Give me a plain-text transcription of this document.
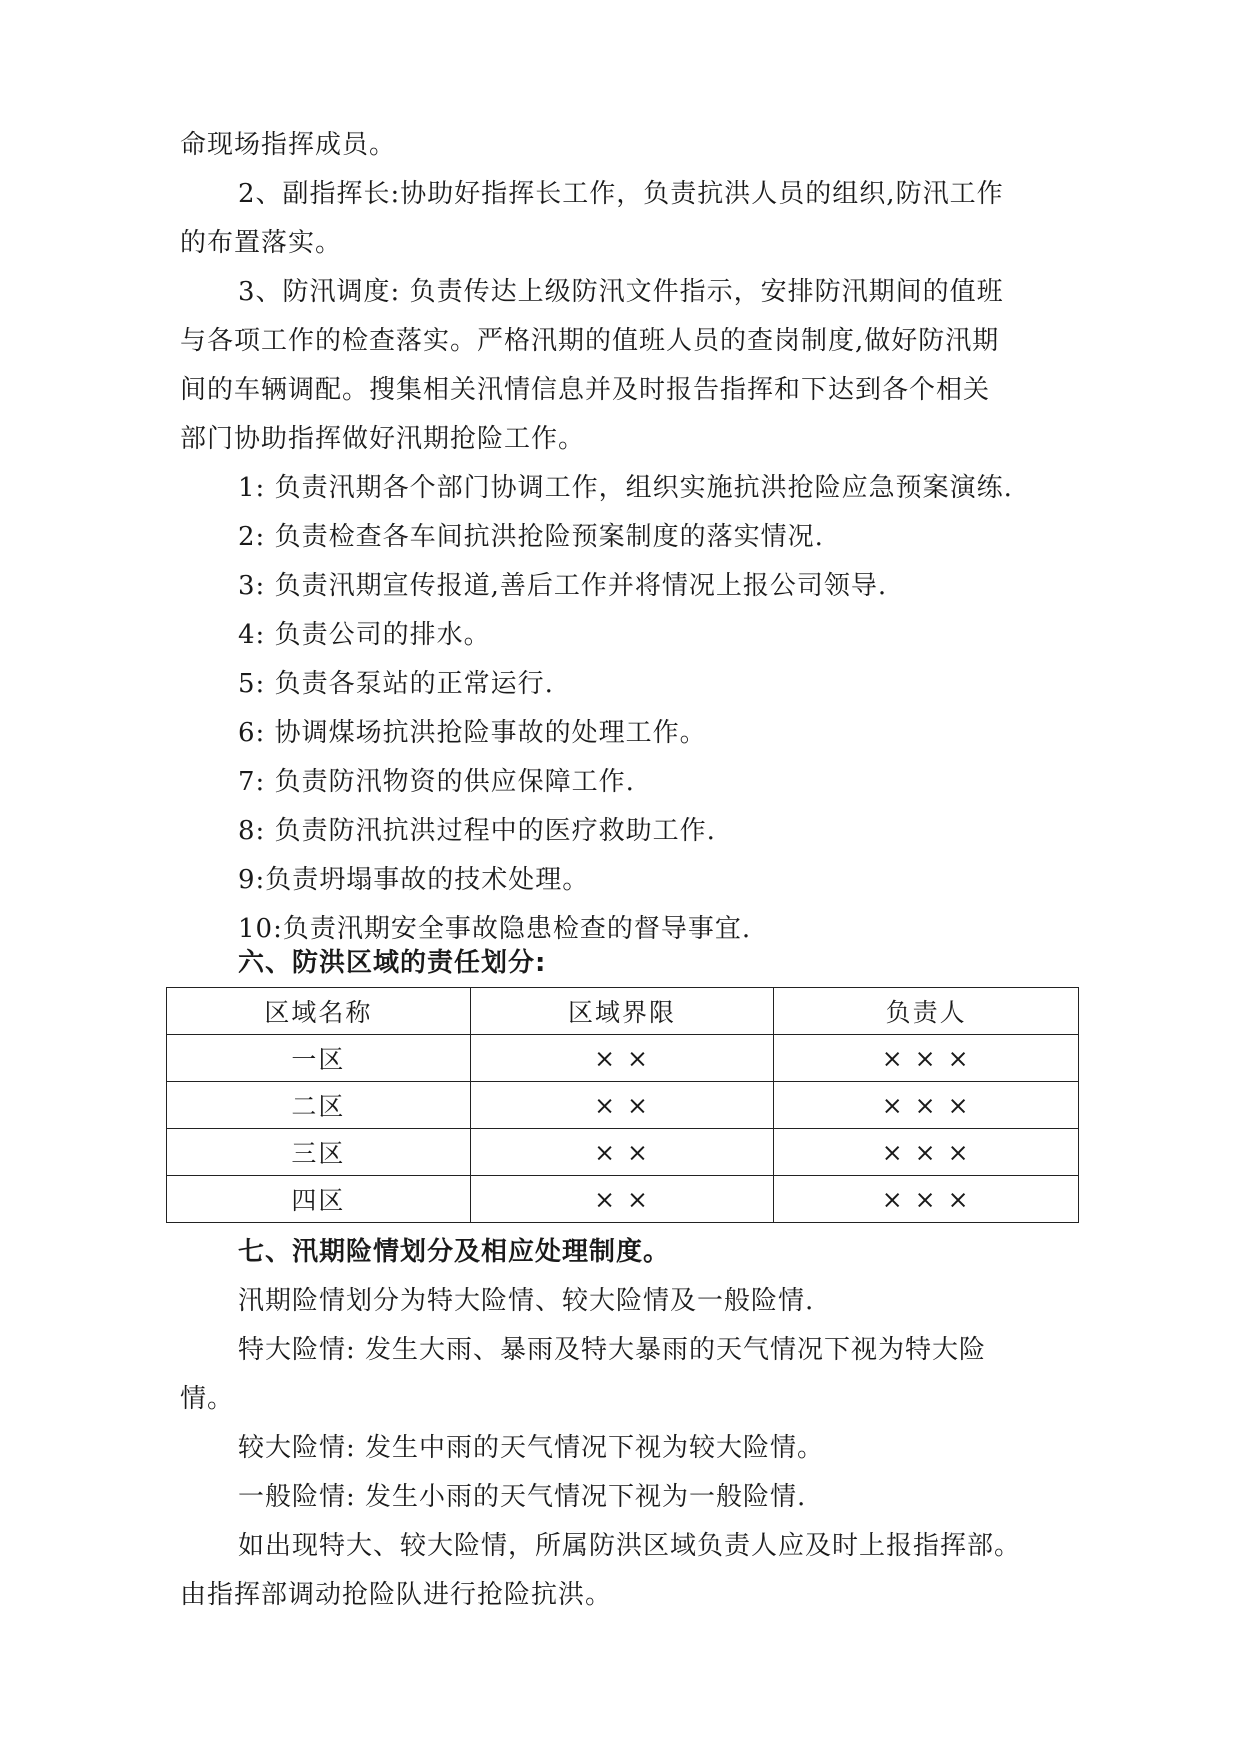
命现场指挥成员。
2、副指挥长:协助好指挥长工作，负责抗洪人员的组织,防汛工作
的布置落实。
3、防汛调度: 负责传达上级防汛文件指示，安排防汛期间的值班
与各项工作的检查落实。严格汛期的值班人员的查岗制度,做好防汛期
间的车辆调配。搜集相关汛情信息并及时报告指挥和下达到各个相关
部门协助指挥做好汛期抢险工作。
1: 负责汛期各个部门协调工作，组织实施抗洪抢险应急预案演练.
2: 负责检查各车间抗洪抢险预案制度的落实情况.
3: 负责汛期宣传报道,善后工作并将情况上报公司领导.
4: 负责公司的排水。
5: 负责各泵站的正常运行.
6: 协调煤场抗洪抢险事故的处理工作。
7: 负责防汛物资的供应保障工作.
8: 负责防汛抗洪过程中的医疗救助工作.
9:负责坍塌事故的技术处理。
10:负责汛期安全事故隐患检查的督导事宜.
六、防洪区域的责任划分:
区域名称	区域界限	负责人
一区	× ×	× × ×
二区	× ×	× × ×
三区	× ×	× × ×
四区	× ×	× × ×
七、汛期险情划分及相应处理制度。
汛期险情划分为特大险情、较大险情及一般险情.
特大险情: 发生大雨、暴雨及特大暴雨的天气情况下视为特大险
情。
较大险情: 发生中雨的天气情况下视为较大险情。
一般险情: 发生小雨的天气情况下视为一般险情.
如出现特大、较大险情，所属防洪区域负责人应及时上报指挥部。
由指挥部调动抢险队进行抢险抗洪。
